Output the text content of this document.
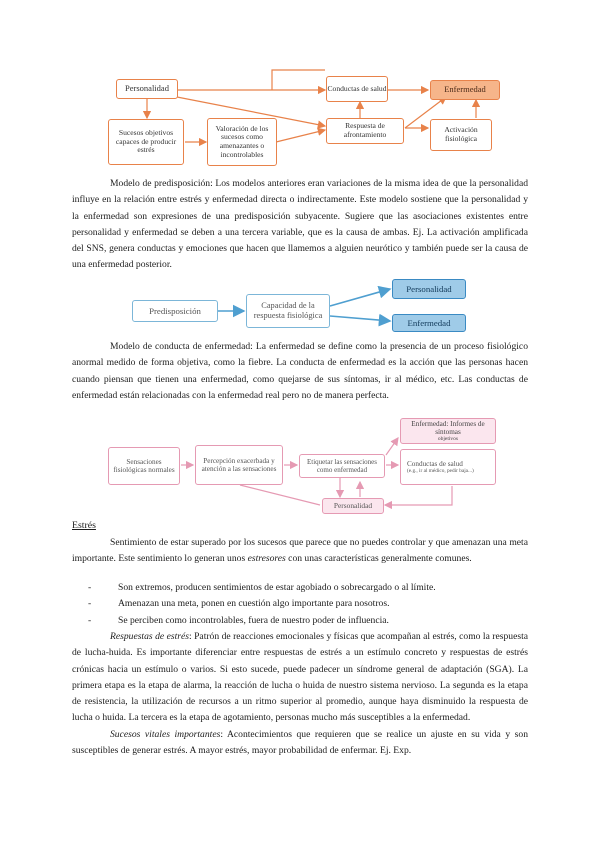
Personalidad	Conductas de salud	Enfermedad
Sucesos objetivos capaces de producir estrés
Valoración de los sucesos como amenazantes o incontrolables
Respuesta de afrontamiento
Activación fisiológica

Modelo de predisposición: Los modelos anteriores eran variaciones de la misma idea de que la personalidad influye en la relación entre estrés y enfermedad directa o indirectamente. Este modelo sostiene que la personalidad y la enfermedad son expresiones de una predisposición subyacente. Sugiere que las asociaciones existentes entre personalidad y enfermedad se deben a una tercera variable, que es la causa de ambas. Ej. La activación amplificada del SNS, genera conductas y emociones que hacen que llamemos a alguien neurótico y también puede ser la causa de una enfermedad posterior.

Predisposición
Capacidad de la respuesta fisiológica
Personalidad
Enfermedad

Modelo de conducta de enfermedad: La enfermedad se define como la presencia de un proceso fisiológico anormal medido de forma objetiva, como la fiebre. La conducta de enfermedad es la acción que las personas hacen cuando piensan que tienen una enfermedad, como quejarse de sus síntomas, ir al médico, etc. Las conductas de enfermedad están relacionadas con la enfermedad real pero no de manera perfecta.

Sensaciones fisiológicas normales
Percepción exacerbada y atención a las sensaciones
Etiquetar las sensaciones como enfermedad
Enfermedad: Informes de síntomas
objetivos
Conductas de salud
(e.g., ir al médico, pedir baja...)
Personalidad
Estrés

Sentimiento de estar superado por los sucesos que parece que no puedes controlar y que amenazan una meta importante. Este sentimiento lo generan unos estresores con unas características generalmente comunes.

-	Son extremos, producen sentimientos de estar agobiado o sobrecargado o al límite.
-	Amenazan una meta, ponen en cuestión algo importante para nosotros.
-	Se perciben como incontrolables, fuera de nuestro poder de influencia.

Respuestas de estrés: Patrón de reacciones emocionales y físicas que acompañan al estrés, como la respuesta de lucha-huida. Es importante diferenciar entre respuestas de estrés a un estímulo concreto y respuestas de estrés crónicas hacia un estímulo o varios. Si esto sucede, puede padecer un síndrome general de adaptación (SGA). La primera etapa es la etapa de alarma, la reacción de lucha o huida de nuestro sistema nervioso. La segunda es la etapa de resistencia, la utilización de recursos a un ritmo superior al promedio, aunque haya disminuido la respuesta de lucha o huida. La tercera es la etapa de agotamiento, personas mucho más susceptibles a la enfermedad.

Sucesos vitales importantes: Acontecimientos que requieren que se realice un ajuste en su vida y son susceptibles de generar estrés. A mayor estrés, mayor probabilidad de enfermar. Ej. Exp.
